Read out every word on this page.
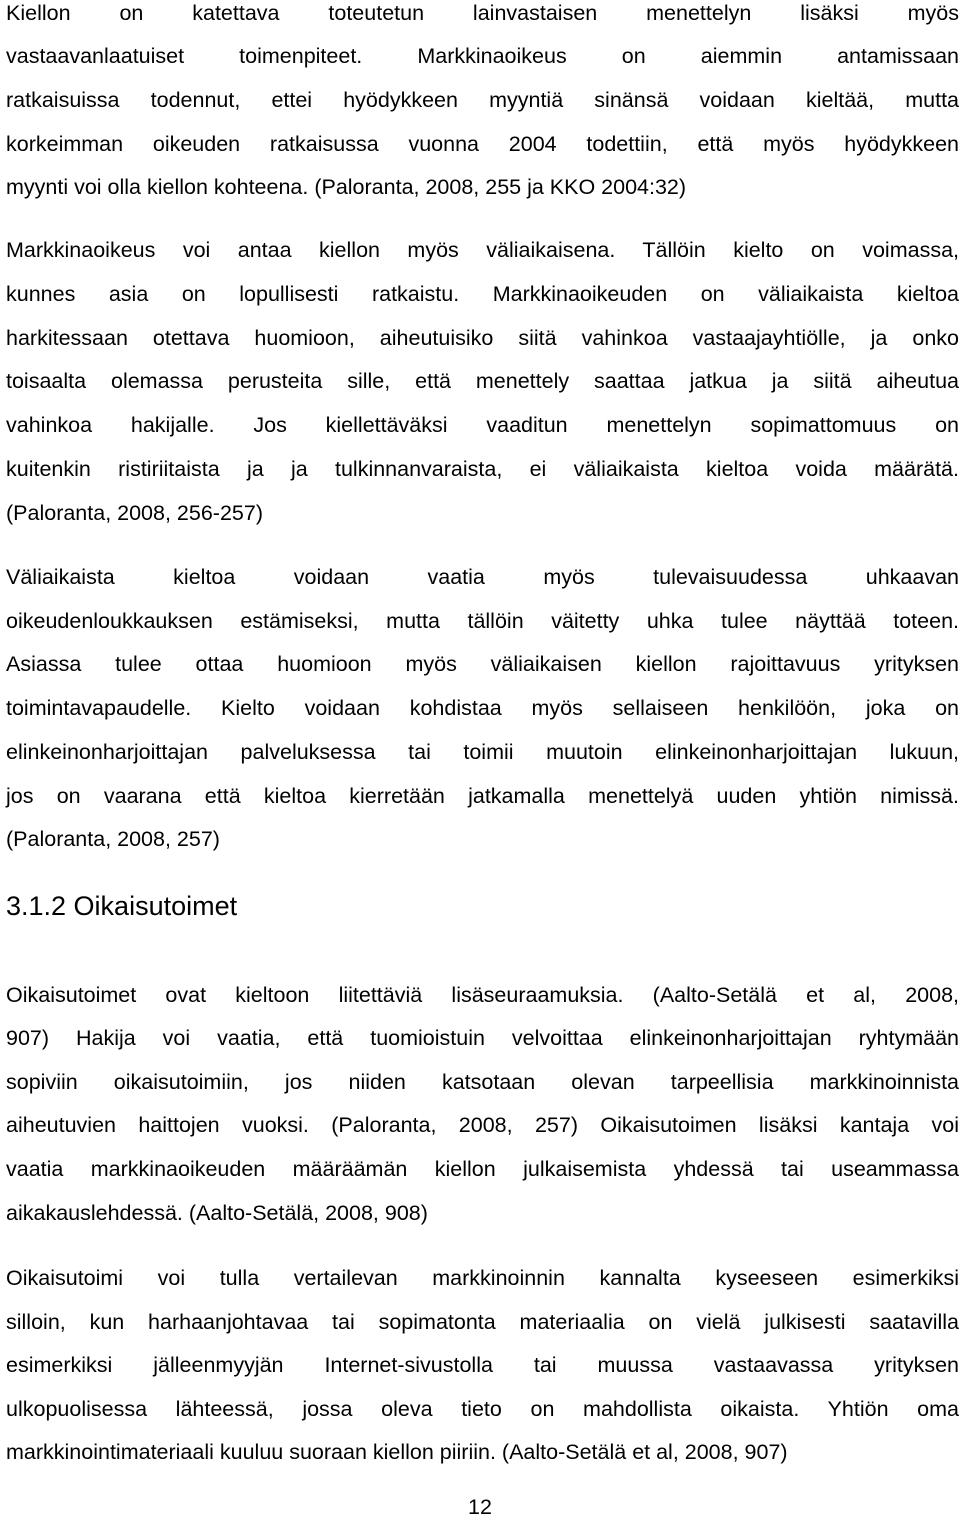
Kiellon on katettava toteutetun lainvastaisen menettelyn lisäksi myös
vastaavanlaatuiset toimenpiteet. Markkinaoikeus on aiemmin antamissaan
ratkaisuissa todennut, ettei hyödykkeen myyntiä sinänsä voidaan kieltää, mutta
korkeimman oikeuden ratkaisussa vuonna 2004 todettiin, että myös hyödykkeen
myynti voi olla kiellon kohteena. (Paloranta, 2008, 255 ja KKO 2004:32)
Markkinaoikeus voi antaa kiellon myös väliaikaisena. Tällöin kielto on voimassa,
kunnes asia on lopullisesti ratkaistu. Markkinaoikeuden on väliaikaista kieltoa
harkitessaan otettava huomioon, aiheutuisiko siitä vahinkoa vastaajayhtiölle, ja onko
toisaalta olemassa perusteita sille, että menettely saattaa jatkua ja siitä aiheutua
vahinkoa hakijalle. Jos kiellettäväksi vaaditun menettelyn sopimattomuus on
kuitenkin ristiriitaista ja ja tulkinnanvaraista, ei väliaikaista kieltoa voida määrätä.
(Paloranta, 2008, 256-257)
Väliaikaista kieltoa voidaan vaatia myös tulevaisuudessa uhkaavan
oikeudenloukkauksen estämiseksi, mutta tällöin väitetty uhka tulee näyttää toteen.
Asiassa tulee ottaa huomioon myös väliaikaisen kiellon rajoittavuus yrityksen
toimintavapaudelle. Kielto voidaan kohdistaa myös sellaiseen henkilöön, joka on
elinkeinonharjoittajan palveluksessa tai toimii muutoin elinkeinonharjoittajan lukuun,
jos on vaarana että kieltoa kierretään jatkamalla menettelyä uuden yhtiön nimissä.
(Paloranta, 2008, 257)
3.1.2 Oikaisutoimet
Oikaisutoimet ovat kieltoon liitettäviä lisäseuraamuksia. (Aalto-Setälä et al, 2008,
907) Hakija voi vaatia, että tuomioistuin velvoittaa elinkeinonharjoittajan ryhtymään
sopiviin oikaisutoimiin, jos niiden katsotaan olevan tarpeellisia markkinoinnista
aiheutuvien haittojen vuoksi. (Paloranta, 2008, 257) Oikaisutoimen lisäksi kantaja voi
vaatia markkinaoikeuden määräämän kiellon julkaisemista yhdessä tai useammassa
aikakauslehdessä. (Aalto-Setälä, 2008, 908)
Oikaisutoimi voi tulla vertailevan markkinoinnin kannalta kyseeseen esimerkiksi
silloin, kun harhaanjohtavaa tai sopimatonta materiaalia on vielä julkisesti saatavilla
esimerkiksi jälleenmyyjän Internet-sivustolla tai muussa vastaavassa yrityksen
ulkopuolisessa lähteessä, jossa oleva tieto on mahdollista oikaista. Yhtiön oma
markkinointimateriaali kuuluu suoraan kiellon piiriin. (Aalto-Setälä et al, 2008, 907)
12
